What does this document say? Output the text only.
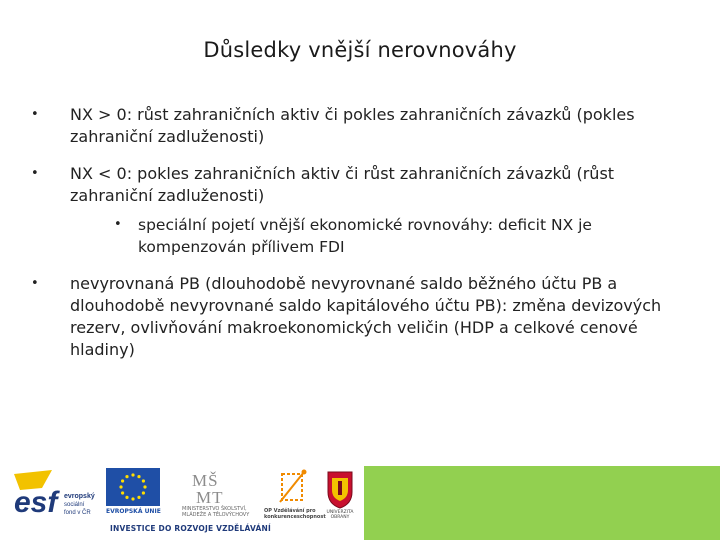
Důsledky vnější nerovnováhy
• NX > 0: růst zahraničních aktiv či pokles zahraničních závazků (pokles zahraniční zadluženosti)
• NX < 0: pokles zahraničních aktiv či růst zahraničních závazků (růst zahraniční zadluženosti)
• speciální pojetí vnější ekonomické rovnováhy: deficit NX je kompenzován přílivem FDI
• nevyrovnaná PB (dlouhodobě nevyrovnané saldo běžného účtu PB a dlouhodobě nevyrovnané saldo kapitálového účtu PB): změna devizových rezerv, ovlivňování makroekonomických veličin (HDP a celkové cenové hladiny)
esf evropský
sociální
fond v ČR	EVROPSKÁ UNIE
MŠ
MT
MINISTERSTVO ŠKOLSTVÍ, MLÁDEŽE A TĚLOVÝCHOVY
OP Vzdělávání pro konkurenceschopnost
UNIVERZITA OBRANY
INVESTICE DO ROZVOJE VZDĚLÁVÁNÍ
